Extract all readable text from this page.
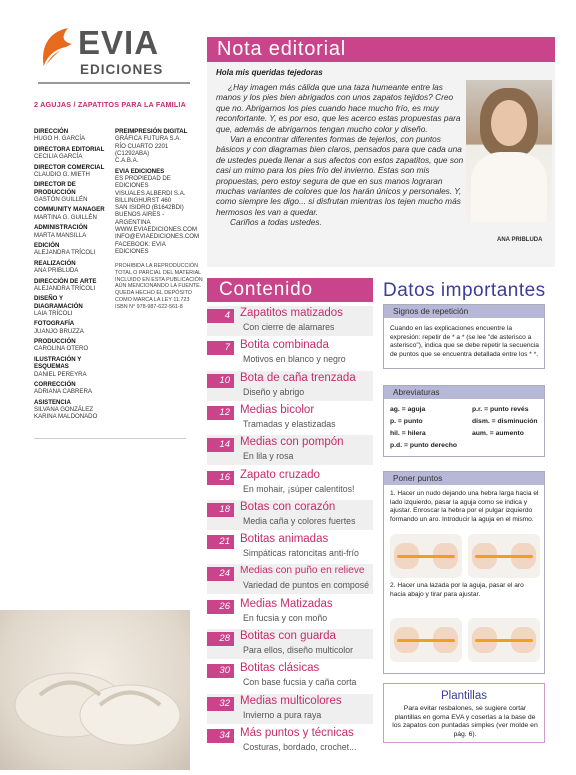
EVIA
EDICIONES
2 AGUJAS / ZAPATITOS PARA LA FAMILIA
DIRECCIÓN
HUGO H. GARCÍA
DIRECTORA EDITORIAL
CECILIA GARCÍA
DIRECTOR COMERCIAL
CLAUDIO G. MIETH
DIRECTOR DE PRODUCCIÓN
GASTÓN GUILLÉN
COMMUNITY MANAGER
MARTINA G. GUILLÉN
ADMINISTRACIÓN
MARTA MANSILLA
EDICIÓN
ALEJANDRA TRÍCOLI
REALIZACIÓN
ANA PRIBLUDA
DIRECCIÓN DE ARTE
ALEJANDRA TRÍCOLI
DISEÑO Y DIAGRAMACIÓN
LAIA TRÍCOLI
FOTOGRAFÍA
JUANJO BRUZZA
PRODUCCIÓN
CAROLINA OTERO
ILUSTRACIÓN Y ESQUEMAS
DANIEL PEREYRA
CORRECCIÓN
ADRIANA CABRERA
ASISTENCIA
SILVANA GONZÁLEZ
KARINA MALDONADO
PREIMPRESIÓN DIGITAL
GRÁFICA FUTURA S.A.
RÍO CUARTO 2201 (C1292ABA)
C.A.B.A.
EVIA EDICIONES
ES PROPIEDAD DE EDICIONES
VISUALES ALBERDI S.A.
BILLINGHURST 460
SAN ISIDRO (B1642BDI)
BUENOS AIRES - ARGENTINA
WWW.EVIAEDICIONES.COM
INFO@EVIAEDICIONES.COM
FACEBOOK: EVIA EDICIONES
PROHIBIDA LA REPRODUCCIÓN TOTAL O PARCIAL DEL MATERIAL INCLUIDO EN ESTA PUBLICACIÓN AÚN MENCIONANDO LA FUENTE. QUEDA HECHO EL DEPÓSITO COMO MARCA LA LEY 11.723
ISBN N° 978-987-622-561-8
Nota editorial
Hola mis queridas tejedoras

¿Hay imagen más cálida que una taza humeante entre las manos y los pies bien abrigados con unos zapatos tejidos? Creo que no. Abrigarnos los pies cuando hace mucho frío, es muy reconfortante. Y, es por eso, que les acerco estas propuestas para que, además de abrigarnos tengan mucho color y diseño.

Van a encontrar diferentes formas de tejerlos, con puntos básicos y con diagramas bien claros, pensados para que cada una de ustedes pueda llenar a sus afectos con estos zapatitos, que son casi un mimo para los pies frío del invierno. Estas son mis propuestas, pero estoy segura de que en sus manos lograran muchas variantes de colores que los harán únicos y personales. Y, como siempre les digo... si disfrutan mientras los tejen mucho más hermosos les van a quedar.

Cariños a todas ustedes.

ANA PRIBLUDA
Contenido
4 Zapatitos matizados
Con cierre de alamares
7 Botita combinada
Motivos en blanco y negro
10 Bota de caña trenzada
Diseño y abrigo
12 Medias bicolor
Tramadas y elastizadas
14 Medias con pompón
En lila y rosa
16 Zapato cruzado
En mohair, ¡súper calentitos!
18 Botas con corazón
Media caña y colores fuertes
21 Botitas animadas
Simpáticas ratoncitas anti-frío
24 Medias con puño en relieve
Variedad de puntos en composé
26 Medias Matizadas
En fucsia y con moño
28 Botitas con guarda
Para ellos, diseño multicolor
30 Botitas clásicas
Con base fucsia y caña corta
32 Medias multicolores
Invierno a pura raya
34 Más puntos y técnicas
Costuras, bordado, crochet...
Datos importantes
Signos de repetición
Cuando en las explicaciones encuentre la expresión: repetir de * a * (se lee "de asterisco a asterisco"), indica que se debe repetir la secuencia de puntos que se encuentra detallada entre los * *.
Abreviaturas
ag. = aguja	p.r. = punto revés
p. = punto	dism. = disminución
hil. = hilera	aum. = aumento
p.d. = punto derecho
Poner puntos
1. Hacer un nudo dejando una hebra larga hacia el lado izquierdo, pasar la aguja como se indica y ajustar. Enroscar la hebra por el pulgar izquierdo formando un aro. Introducir la aguja en el mismo.
2. Hacer una lazada por la aguja, pasar el aro hacia abajo y tirar para ajustar.
Plantillas
Para evitar resbalones, se sugiere cortar plantillas en goma EVA y coserlas a la base de los zapatos con puntadas simples (ver molde en pág. 6).
